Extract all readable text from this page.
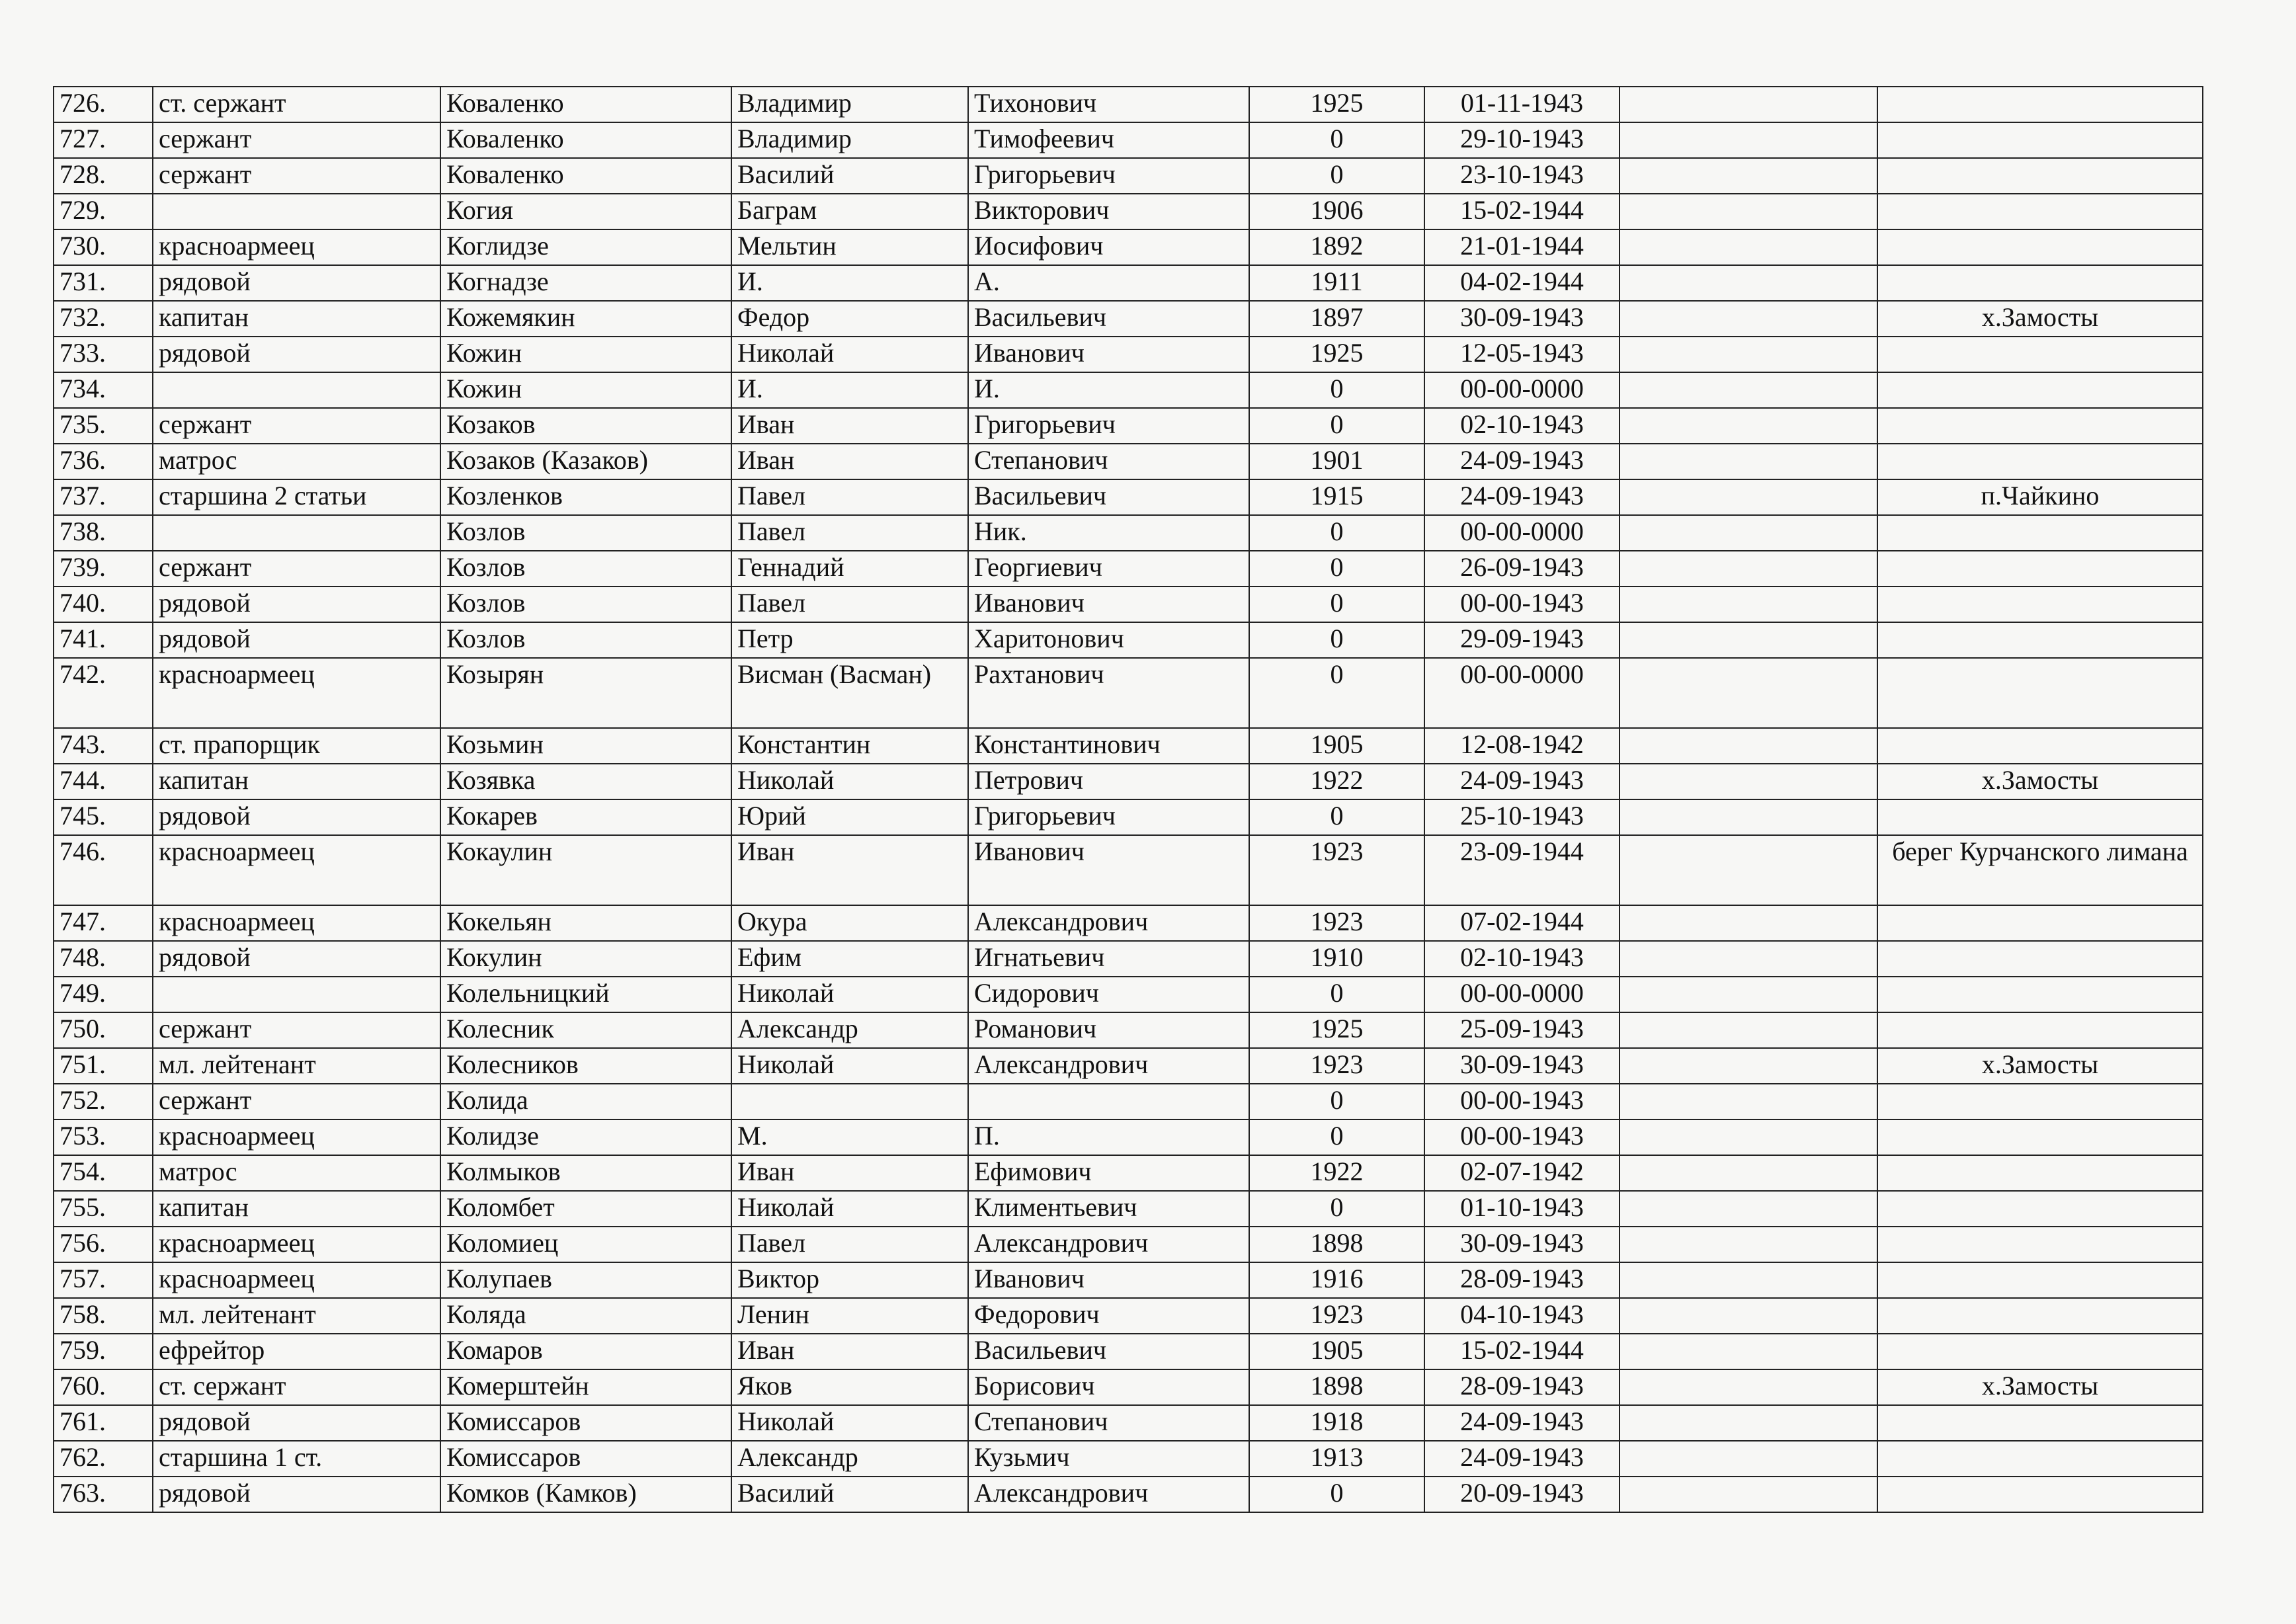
726.	ст. сержант	Коваленко	Владимир	Тихонович	1925	01-11-1943		
727.	сержант	Коваленко	Владимир	Тимофеевич	0	29-10-1943		
728.	сержант	Коваленко	Василий	Григорьевич	0	23-10-1943		
729.		Когия	Баграм	Викторович	1906	15-02-1944		
730.	красноармеец	Коглидзе	Мельтин	Иосифович	1892	21-01-1944		
731.	рядовой	Когнадзе	И.	А.	1911	04-02-1944		
732.	капитан	Кожемякин	Федор	Васильевич	1897	30-09-1943		х.Замосты
733.	рядовой	Кожин	Николай	Иванович	1925	12-05-1943		
734.		Кожин	И.	И.	0	00-00-0000		
735.	сержант	Козаков	Иван	Григорьевич	0	02-10-1943		
736.	матрос	Козаков (Казаков)	Иван	Степанович	1901	24-09-1943		
737.	старшина 2 статьи	Козленков	Павел	Васильевич	1915	24-09-1943		п.Чайкино
738.		Козлов	Павел	Ник.	0	00-00-0000		
739.	сержант	Козлов	Геннадий	Георгиевич	0	26-09-1943		
740.	рядовой	Козлов	Павел	Иванович	0	00-00-1943		
741.	рядовой	Козлов	Петр	Харитонович	0	29-09-1943		
742.	красноармеец	Козырян	Висман (Васман)	Рахтанович	0	00-00-0000		
743.	ст. прапорщик	Козьмин	Константин	Константинович	1905	12-08-1942		
744.	капитан	Козявка	Николай	Петрович	1922	24-09-1943		х.Замосты
745.	рядовой	Кокарев	Юрий	Григорьевич	0	25-10-1943		
746.	красноармеец	Кокаулин	Иван	Иванович	1923	23-09-1944		берег Курчанского лимана
747.	красноармеец	Кокельян	Окура	Александрович	1923	07-02-1944		
748.	рядовой	Кокулин	Ефим	Игнатьевич	1910	02-10-1943		
749.		Колельницкий	Николай	Сидорович	0	00-00-0000		
750.	сержант	Колесник	Александр	Романович	1925	25-09-1943		
751.	мл. лейтенант	Колесников	Николай	Александрович	1923	30-09-1943		х.Замосты
752.	сержант	Колида			0	00-00-1943		
753.	красноармеец	Колидзе	М.	П.	0	00-00-1943		
754.	матрос	Колмыков	Иван	Ефимович	1922	02-07-1942		
755.	капитан	Коломбет	Николай	Климентьевич	0	01-10-1943		
756.	красноармеец	Коломиец	Павел	Александрович	1898	30-09-1943		
757.	красноармеец	Колупаев	Виктор	Иванович	1916	28-09-1943		
758.	мл. лейтенант	Коляда	Ленин	Федорович	1923	04-10-1943		
759.	ефрейтор	Комаров	Иван	Васильевич	1905	15-02-1944		
760.	ст. сержант	Комерштейн	Яков	Борисович	1898	28-09-1943		х.Замосты
761.	рядовой	Комиссаров	Николай	Степанович	1918	24-09-1943		
762.	старшина 1 ст.	Комиссаров	Александр	Кузьмич	1913	24-09-1943		
763.	рядовой	Комков (Камков)	Василий	Александрович	0	20-09-1943		
